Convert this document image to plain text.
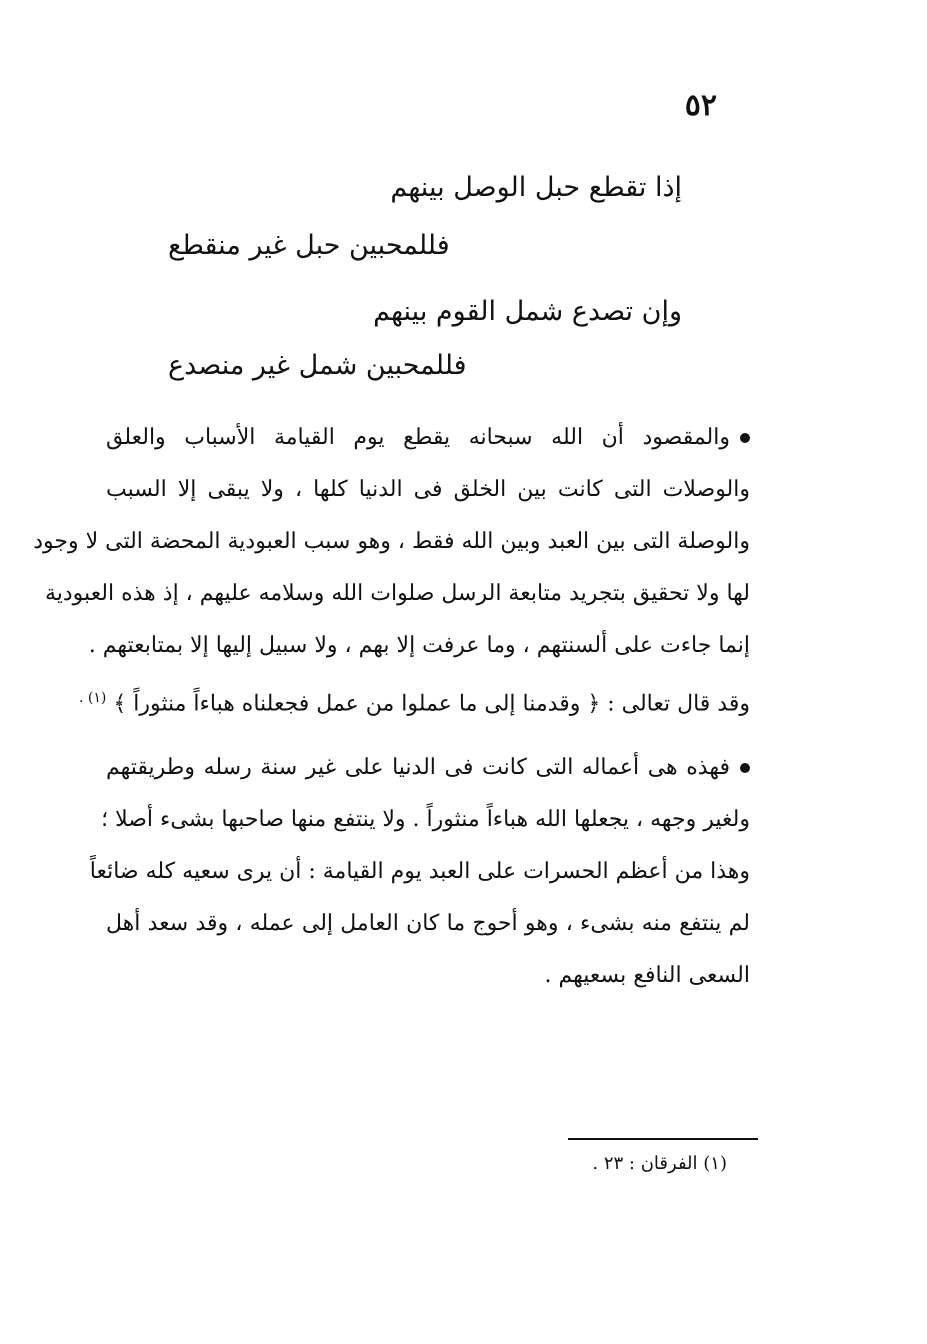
٥٢
إذا تقطع حبل الوصل بينهم
فللمحبين حبل غير منقطع
وإن تصدع شمل القوم بينهم
فللمحبين شمل غير منصدع
والمقصود أن الله سبحانه يقطع يوم القيامة الأسباب والعلق
والوصلات التى كانت بين الخلق فى الدنيا كلها ، ولا يبقى إلا السبب
والوصلة التى بين العبد وبين الله فقط ، وهو سبب العبودية المحضة التى لا وجود
لها ولا تحقيق بتجريد متابعة الرسل صلوات الله وسلامه عليهم ، إذ هذه العبودية
إنما جاءت على ألسنتهم ، وما عرفت إلا بهم ، ولا سبيل إليها إلا بمتابعتهم .
وقد قال تعالى : ﴿ وقدمنا إلى ما عملوا من عمل فجعلناه هباءاً منثوراً ﴾ $^{(١) .}$
فهذه هى أعماله التى كانت فى الدنيا على غير سنة رسله وطريقتهم
ولغير وجهه ، يجعلها الله هباءاً منثوراً . ولا ينتفع منها صاحبها بشىء أصلا ؛
وهذا من أعظم الحسرات على العبد يوم القيامة : أن يرى سعيه كله ضائعاً
لم ينتفع منه بشىء ، وهو أحوج ما كان العامل إلى عمله ، وقد سعد أهل
السعى النافع بسعيهم .
(١) الفرقان : ٢٣ .
